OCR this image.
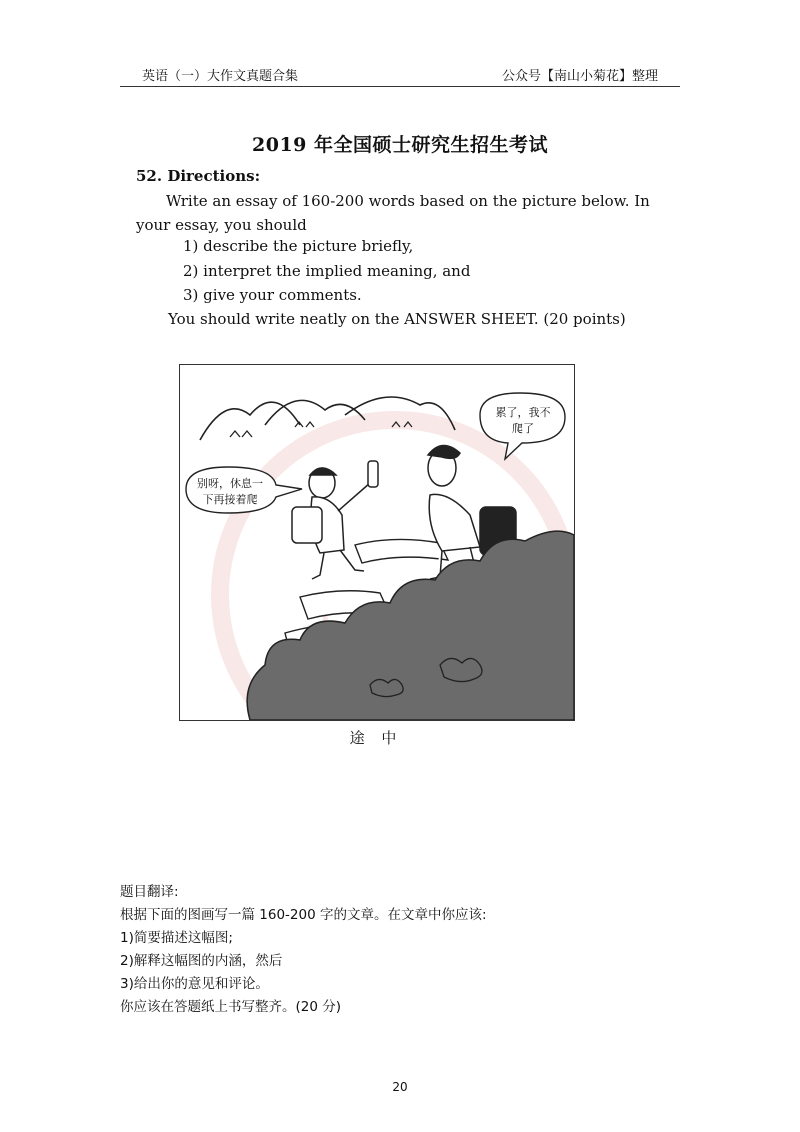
英语（一）大作文真题合集	公众号【南山小菊花】整理
2019 年全国硕士研究生招生考试
52. Directions:
Write an essay of 160-200 words based on the picture below. In your essay, you should
1) describe the picture briefly,
2) interpret the implied meaning, and
3) give your comments.
You should write neatly on the ANSWER SHEET. (20 points)
累了，我不
爬了
别呀，休息一
下再接着爬
途 中
题目翻译:
根据下面的图画写一篇 160-200 字的文章。在文章中你应该:
1)简要描述这幅图;
2)解释这幅图的内涵，然后
3)给出你的意见和评论。
你应该在答题纸上书写整齐。(20 分)
20
